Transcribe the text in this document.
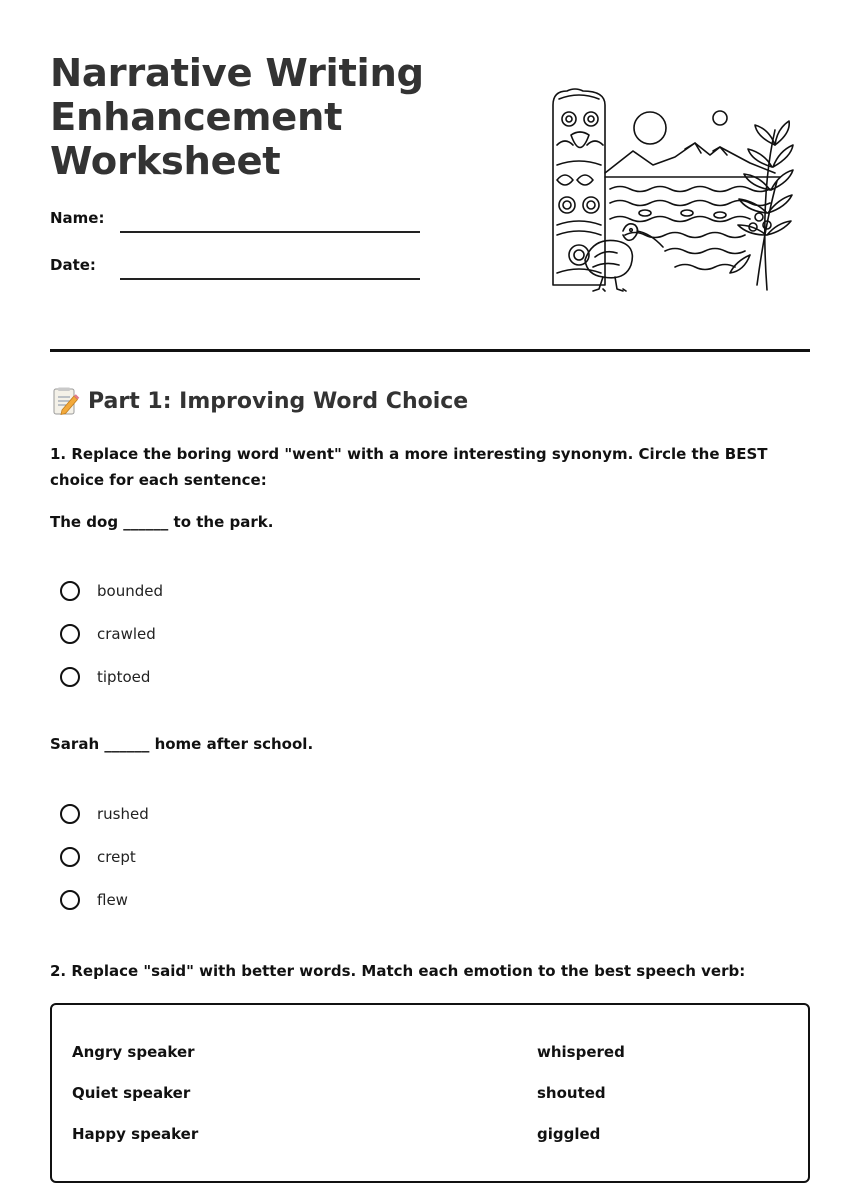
Narrative Writing
Enhancement
Worksheet
Name:
Date:
Part 1: Improving Word Choice

1. Replace the boring word "went" with a more interesting synonym. Circle the BEST choice for each sentence:

The dog ______ to the park.

bounded
crawled
tiptoed

Sarah ______ home after school.

rushed
crept
flew

2. Replace "said" with better words. Match each emotion to the best speech verb:

Angry speaker	whispered
Quiet speaker	shouted
Happy speaker	giggled
